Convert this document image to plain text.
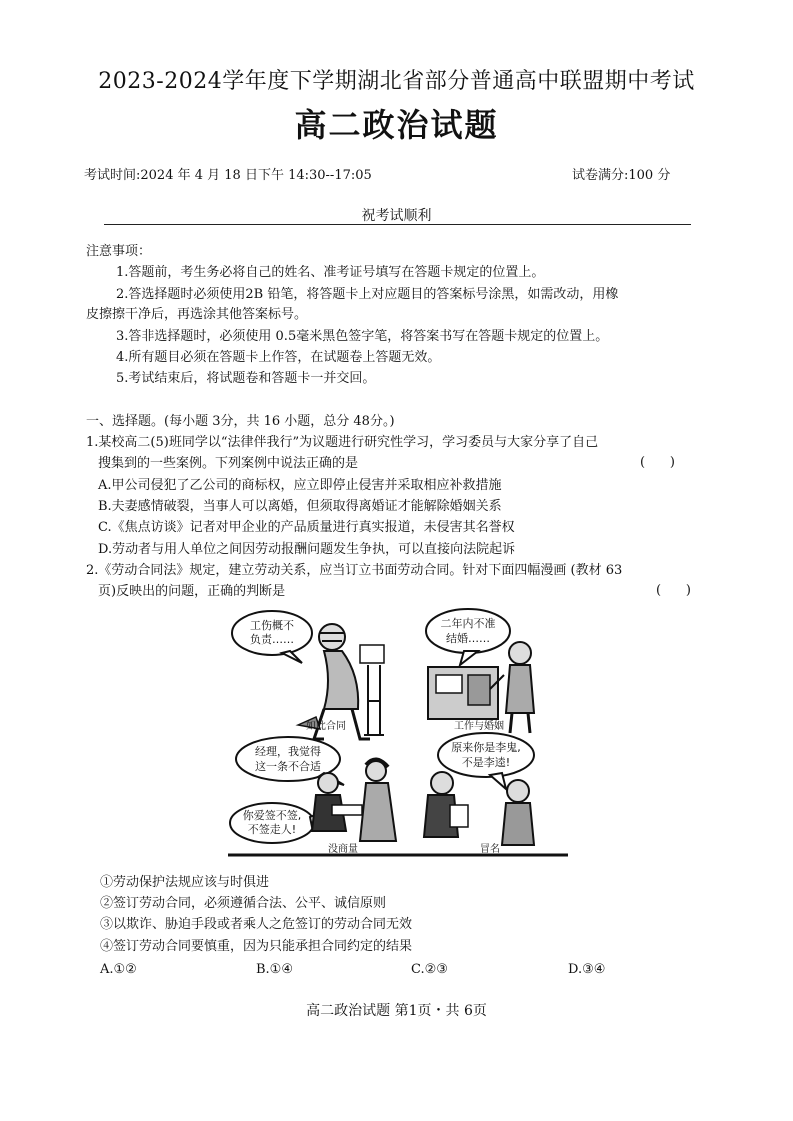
2023-2024学年度下学期湖北省部分普通高中联盟期中考试
高二政治试题
考试时间:2024 年 4 月 18 日下午 14:30--17:05	试卷满分:100 分
祝考试顺利
注意事项：
1.答题前，考生务必将自己的姓名、准考证号填写在答题卡规定的位置上。
2.答选择题时必须使用2B 铅笔，将答题卡上对应题目的答案标号涂黑，如需改动，用橡
皮擦擦干净后，再选涂其他答案标号。
3.答非选择题时，必须使用 0.5毫米黑色签字笔，将答案书写在答题卡规定的位置上。
4.所有题目必须在答题卡上作答，在试题卷上答题无效。
5.考试结束后，将试题卷和答题卡一并交回。
一、选择题。(每小题 3分，共 16 小题，总分 48分。)
1.某校高二(5)班同学以“法律伴我行”为议题进行研究性学习，学习委员与大家分享了自己
搜集到的一些案例。下列案例中说法正确的是	(      )
A.甲公司侵犯了乙公司的商标权，应立即停止侵害并采取相应补救措施
B.夫妻感情破裂，当事人可以离婚，但须取得离婚证才能解除婚姻关系
C.《焦点访谈》记者对甲企业的产品质量进行真实报道，未侵害其名誉权
D.劳动者与用人单位之间因劳动报酬问题发生争执，可以直接向法院起诉
2.《劳动合同法》规定，建立劳动关系，应当订立书面劳动合同。针对下面四幅漫画 (教材 63
页)反映出的问题，正确的判断是	(      )
工伤概不
负责……
如此合同
二年内不准
结婚……
工作与婚姻
经理，我觉得
这一条不合适
你爱签不签,
不签走人!
原来你是李鬼,
不是李逵!
没商量	冒名
①劳动保护法规应该与时俱进
②签订劳动合同，必须遵循合法、公平、诚信原则
③以欺诈、胁迫手段或者乘人之危签订的劳动合同无效
④签订劳动合同要慎重，因为只能承担合同约定的结果
A.①②	B.①④	C.②③	D.③④
高二政治试题 第1页・共 6页
